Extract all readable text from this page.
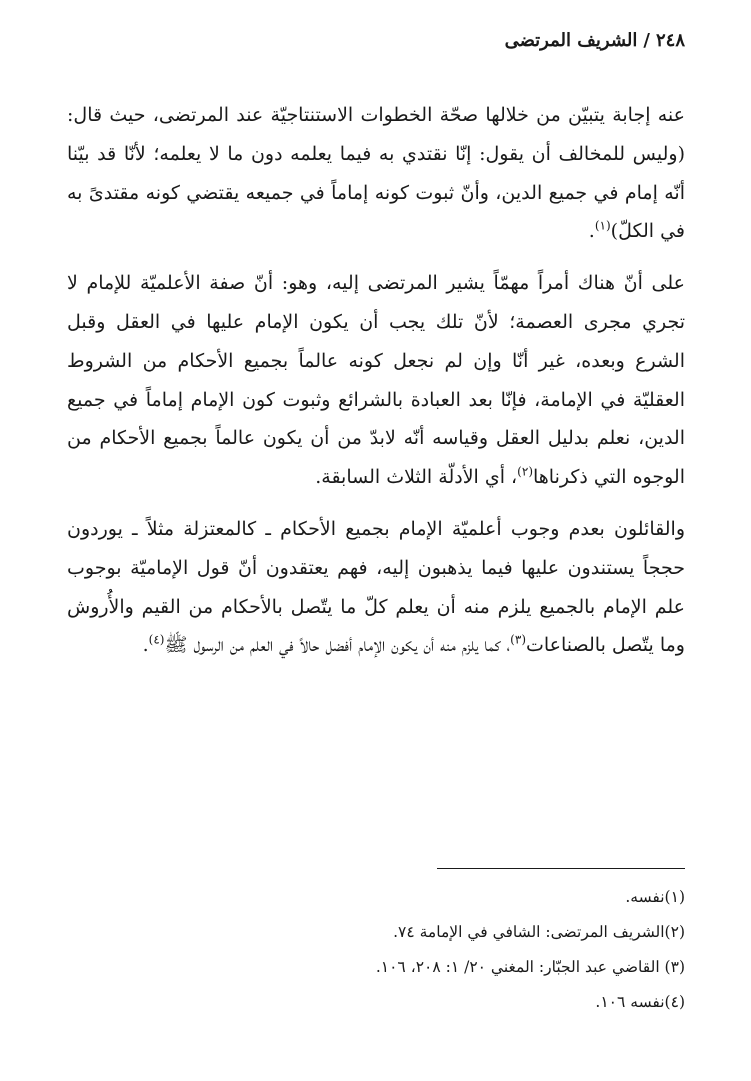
٢٤٨/الشريف المرتضى

عنه إجابة يتبيّن من خلالها صحّة الخطوات الاستنتاجيّة عند المرتضى، حيث قال: (وليس للمخالف أن يقول: إنّا نقتدي به فيما يعلمه دون ما لا يعلمه؛ لأنّا قد بيّنا أنّه إمام في جميع الدين، وأنّ ثبوت كونه إماماً في جميعه يقتضي كونه مقتدىً به في الكلّ)$^{(١)}$.

على أنّ هناك أمراً مهمّاً يشير المرتضى إليه، وهو: أنّ صفة الأعلميّة للإمام لا تجري مجرى العصمة؛ لأنّ تلك يجب أن يكون الإمام عليها في العقل وقبل الشرع وبعده، غير أنّا وإن لم نجعل كونه عالماً بجميع الأحكام من الشروط العقليّة في الإمامة، فإنّا بعد العبادة بالشرائع وثبوت كون الإمام إماماً في جميع الدين، نعلم بدليل العقل وقياسه أنّه لابدّ من أن يكون عالماً بجميع الأحكام من الوجوه التي ذكرناها$^{(٢)}$، أي الأدلّة الثلاث السابقة.

والقائلون بعدم وجوب أعلميّة الإمام بجميع الأحكام ـ كالمعتزلة مثلاً ـ يوردون حججاً يستندون عليها فيما يذهبون إليه، فهم يعتقدون أنّ قول الإماميّة بوجوب علم الإمام بالجميع يلزم منه أن يعلم كلّ ما يتّصل بالأحكام من القيم والأُروش وما يتّصل بالصناعات$^{(٣)}$، كما يلزم منه أن يكون الإمام أفضل حالاً في العلم من الرسول ﷺ$^{(٤)}$.

(١)نفسه.
(٢)الشريف المرتضى: الشافي في الإمامة ٧٤.
(٣) القاضي عبد الجبّار: المغني ٢٠/ ١: ٢٠٨، ١٠٦.
(٤)نفسه ١٠٦.
